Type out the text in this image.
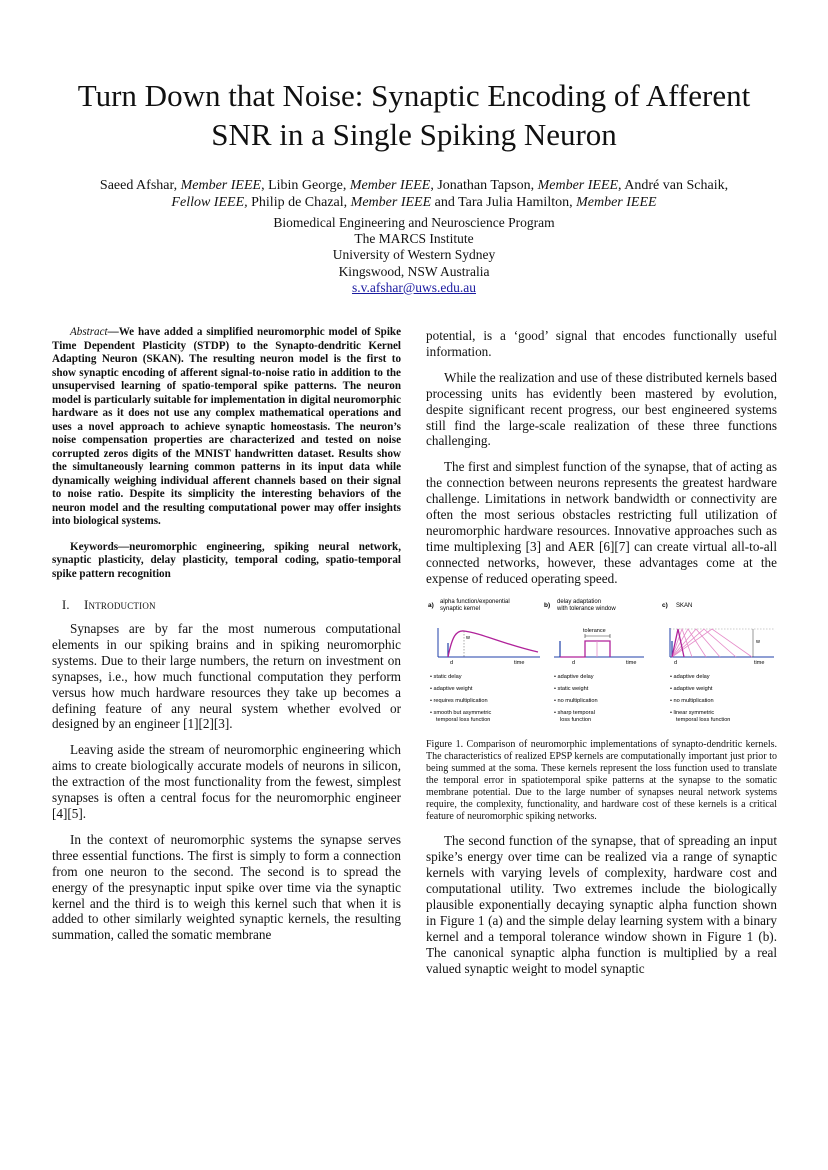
Turn Down that Noise: Synaptic Encoding of Afferent SNR in a Single Spiking Neuron
Saeed Afshar, Member IEEE, Libin George, Member IEEE, Jonathan Tapson, Member IEEE, André van Schaik,
Fellow IEEE, Philip de Chazal, Member IEEE and Tara Julia Hamilton, Member IEEE
Biomedical Engineering and Neuroscience Program
The MARCS Institute
University of Western Sydney
Kingswood, NSW Australia
s.v.afshar@uws.edu.au

Abstract—We have added a simplified neuromorphic model of Spike Time Dependent Plasticity (STDP) to the Synapto-dendritic Kernel Adapting Neuron (SKAN). The resulting neuron model is the first to show synaptic encoding of afferent signal-to-noise ratio in addition to the unsupervised learning of spatio-temporal spike patterns. The neuron model is particularly suitable for implementation in digital neuromorphic hardware as it does not use any complex mathematical operations and uses a novel approach to achieve synaptic homeostasis. The neuron’s noise compensation properties are characterized and tested on noise corrupted zeros digits of the MNIST handwritten dataset. Results show the simultaneously learning common patterns in its input data while dynamically weighing individual afferent channels based on their signal to noise ratio. Despite its simplicity the interesting behaviors of the neuron model and the resulting computational power may offer insights into biological systems.

Keywords—neuromorphic engineering, spiking neural network, synaptic plasticity, delay plasticity, temporal coding, spatio-temporal spike pattern recognition

I. Introduction

Synapses are by far the most numerous computational elements in our spiking brains and in spiking neuromorphic systems. Due to their large numbers, the return on investment on synapses, i.e., how much functional computation they perform versus how much hardware resources they take up becomes a defining feature of any neural system whether evolved or designed by an engineer [1][2][3].

Leaving aside the stream of neuromorphic engineering which aims to create biologically accurate models of neurons in silicon, the extraction of the most functionality from the fewest, simplest synapses is often a central focus for the neuromorphic engineer [4][5].

In the context of neuromorphic systems the synapse serves three essential functions. The first is simply to form a connection from one neuron to the second. The second is to spread the energy of the presynaptic input spike over time via the synaptic kernel and the third is to weigh this kernel such that when it is added to other similarly weighted synaptic kernels, the resulting summation, called the somatic membrane

potential, is a ‘good’ signal that encodes functionally useful information.

While the realization and use of these distributed kernels based processing units has evidently been mastered by evolution, despite significant recent progress, our best engineered systems still find the large-scale realization of these three functions challenging.

The first and simplest function of the synapse, that of acting as the connection between neurons represents the greatest hardware challenge. Limitations in network bandwidth or connectivity are often the most serious obstacles restricting full utilization of neuromorphic hardware resources. Innovative approaches such as time multiplexing [3] and AER [6][7] can create virtual all-to-all connected networks, however, these advantages come at the expense of reduced operating speed.

a) alpha function/exponential
synaptic kernel
w
d	time
• static delay
• adaptive weight
• requires multiplication
• smooth but asymmetric
temporal loss function
b) delay adaptation
with tolerance window
tolerance
d	time
• adaptive delay
• static weight
• no multiplication
• sharp temporal
loss function
c) SKAN
w
d	time
• adaptive delay
• adaptive weight
• no multiplication
• linear symmetric
temporal loss function

Figure 1. Comparison of neuromorphic implementations of synapto-dendritic kernels. The characteristics of realized EPSP kernels are computationally important just prior to being summed at the soma. These kernels represent the loss function used to translate the temporal error in spatiotemporal spike patterns at the synapse to the somatic membrane potential. Due to the large number of synapses neural network systems require, the complexity, functionality, and hardware cost of these kernels is a critical feature of neuromorphic spiking networks.

The second function of the synapse, that of spreading an input spike’s energy over time can be realized via a range of synaptic kernels with varying levels of complexity, hardware cost and computational utility. Two extremes include the biologically plausible exponentially decaying synaptic alpha function shown in Figure 1 (a) and the simple delay learning system with a binary kernel and a temporal tolerance window shown in Figure 1 (b). The canonical synaptic alpha function is multiplied by a real valued synaptic weight to model synaptic
